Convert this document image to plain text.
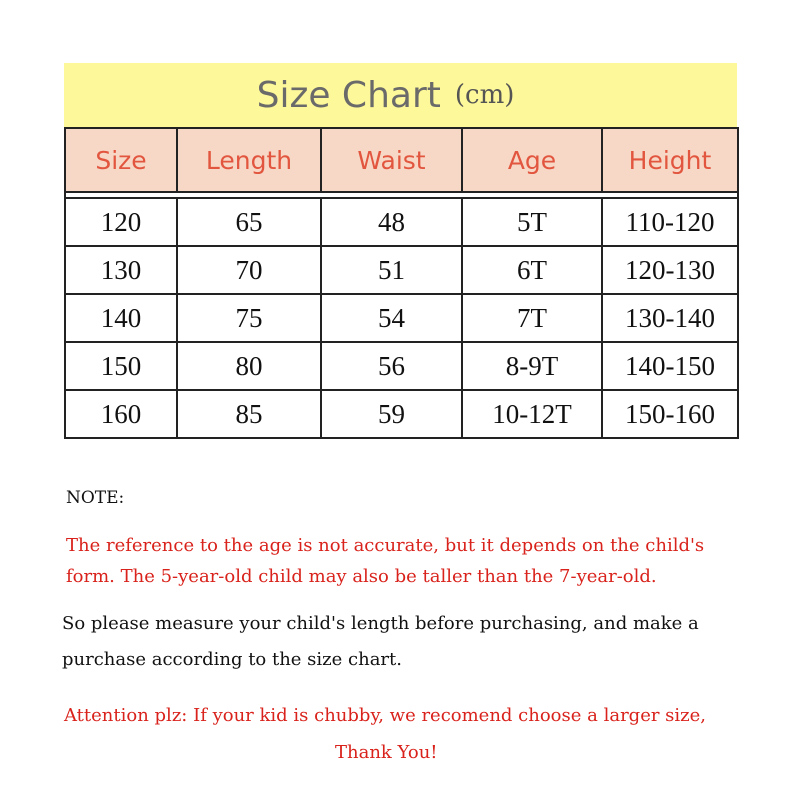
Size Chart (cm)
Size	Length	Waist	Age	Height

120	65	48	5T	110-120
130	70	51	6T	120-130
140	75	54	7T	130-140
150	80	56	8-9T	140-150
160	85	59	10-12T	150-160

NOTE:

The reference to the age is not accurate, but it depends on the child's

form. The 5-year-old child may also be taller than the 7-year-old.

So please measure your child's length before purchasing, and make a
purchase according to the size chart.

Attention plz: If your kid is chubby, we recomend choose a larger size,

Thank You!
